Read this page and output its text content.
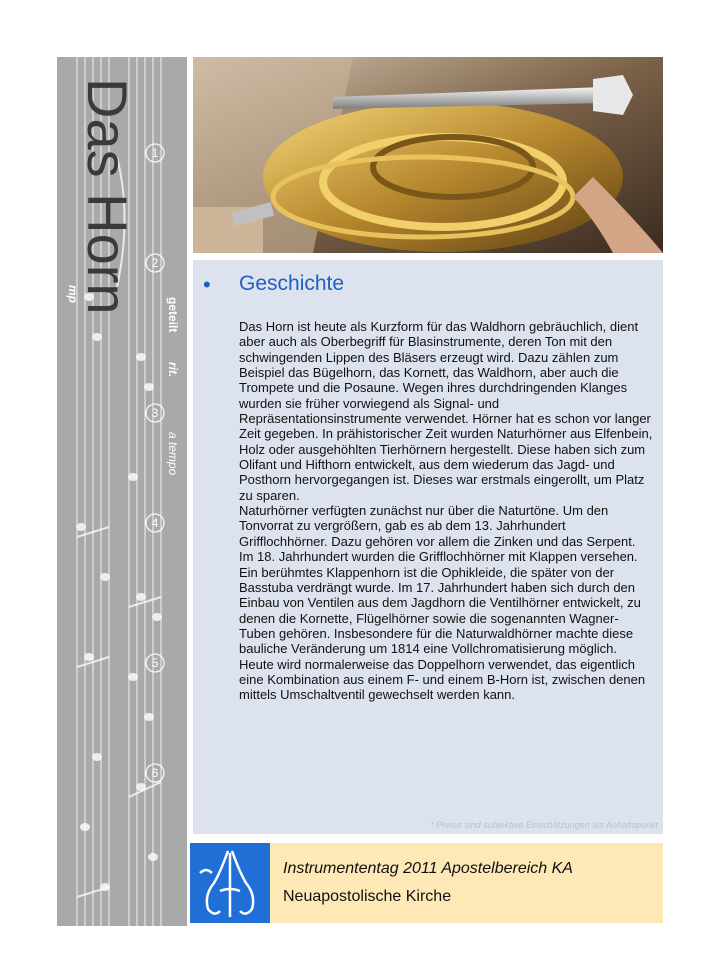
1
2
3
4
5
6
geteilt
rit.
a tempo
mp
Das Horn	• Geschichte

Das Horn ist heute als Kurzform für das Waldhorn gebräuchlich, dient aber auch als Oberbegriff für Blasinstrumente, deren Ton mit den schwingenden Lippen des Bläsers erzeugt wird. Dazu zählen zum Beispiel das Bügelhorn, das Kornett, das Waldhorn, aber auch die Trompete und die Posaune. Wegen ihres durchdringenden Klanges wurden sie früher vorwiegend als Signal- und Repräsentationsinstrumente verwendet. Hörner hat es schon vor langer Zeit gegeben. In prähistorischer Zeit wurden Naturhörner aus Elfenbein, Holz oder ausgehöhlten Tierhörnern hergestellt. Diese haben sich zum Olifant und Hifthorn entwickelt, aus dem wiederum das Jagd- und Posthorn hervorgegangen ist. Dieses war erstmals eingerollt, um Platz zu sparen.

Naturhörner verfügten zunächst nur über die Naturtöne. Um den Tonvorrat zu vergrößern, gab es ab dem 13. Jahrhundert Grifflochhörner. Dazu gehören vor allem die Zinken und das Serpent. Im 18. Jahrhundert wurden die Grifflochhörner mit Klappen versehen. Ein berühmtes Klappenhorn ist die Ophikleide, die später von der Basstuba verdrängt wurde. Im 17. Jahrhundert haben sich durch den Einbau von Ventilen aus dem Jagdhorn die Ventilhörner entwickelt, zu denen die Kornette, Flügelhörner sowie die sogenannten Wagner-Tuben gehören. Insbesondere für die Naturwaldhörner machte diese bauliche Veränderung um 1814 eine Vollchromatisierung möglich.

Heute wird normalerweise das Doppelhorn verwendet, das eigentlich eine Kombination aus einem F- und einem B-Horn ist, zwischen denen mittels Umschaltventil gewechselt werden kann.

* Preise sind subjektive Einschätzungen als Anhaltspunkt
Instrumententag 2011 Apostelbereich KA
Neuapostolische Kirche
